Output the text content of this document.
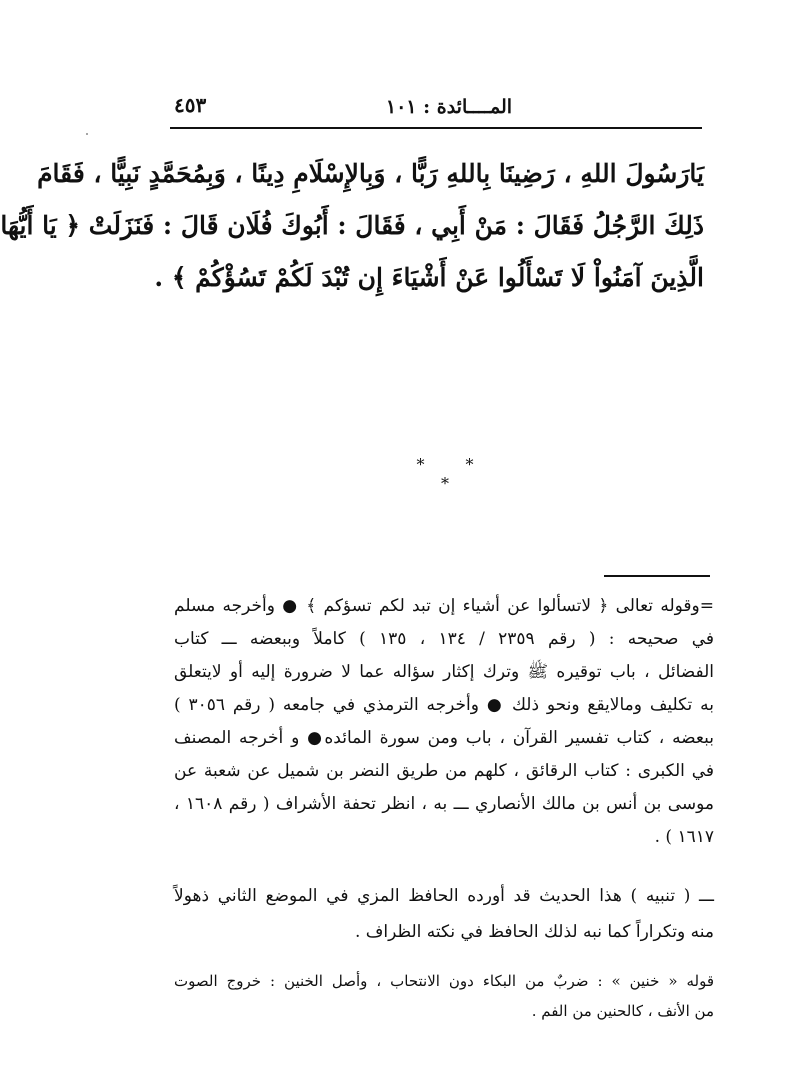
٤٥٣	المــــائدة : ١٠١
يَارَسُولَ اللهِ ، رَضِينَا بِاللهِ رَبًّا ، وَبِالإِسْلَامِ دِينًا ، وَبِمُحَمَّدٍ نَبِيًّا ، فَقَامَ
ذَلِكَ الرَّجُلُ فَقَالَ : مَنْ أَبِي ، فَقَالَ : أَبُوكَ فُلَان قَالَ : فَنَزَلَتْ ﴿ يَا أَيُّهَا
الَّذِينَ آمَنُواْ لَا تَسْأَلُوا عَنْ أَشْيَاءَ إِن تُبْدَ لَكُمْ تَسُؤْكُمْ ﴾ .
* * *
=وقوله تعالى ﴿ لاتسألوا عن أشياء إن تبد لكم تسؤكم ﴾ ● وأخرجه مسلم
في صحيحه : ( رقم ٢٣٥٩ / ١٣٤ ، ١٣٥ ) كاملاً وببعضه ـــ كتاب
الفضائل ، باب توقيره ﷺ وترك إكثار سؤاله عما لا ضرورة إليه أو لايتعلق
به تكليف ومالايقع ونحو ذلك ● وأخرجه الترمذي في جامعه ( رقم ٣٠٥٦ )
ببعضه ، كتاب تفسير القرآن ، باب ومن سورة المائده● و أخرجه المصنف
في الكبرى : كتاب الرقائق ، كلهم من طريق النضر بن شميل عن شعبة عن
موسى بن أنس بن مالك الأنصاري ـــ به ، انظر تحفة الأشراف ( رقم ١٦٠٨ ،
١٦١٧ ) .
ـــ ( تنبيه ) هذا الحديث قد أورده الحافظ المزي في الموضع الثاني ذهولاً
منه وتكراراً كما نبه لذلك الحافظ في نكته الظراف .
قوله « خنين » : ضربٌ من البكاء دون الانتحاب ، وأصل الخنين : خروج الصوت
من الأنف ، كالحنين من الفم .
